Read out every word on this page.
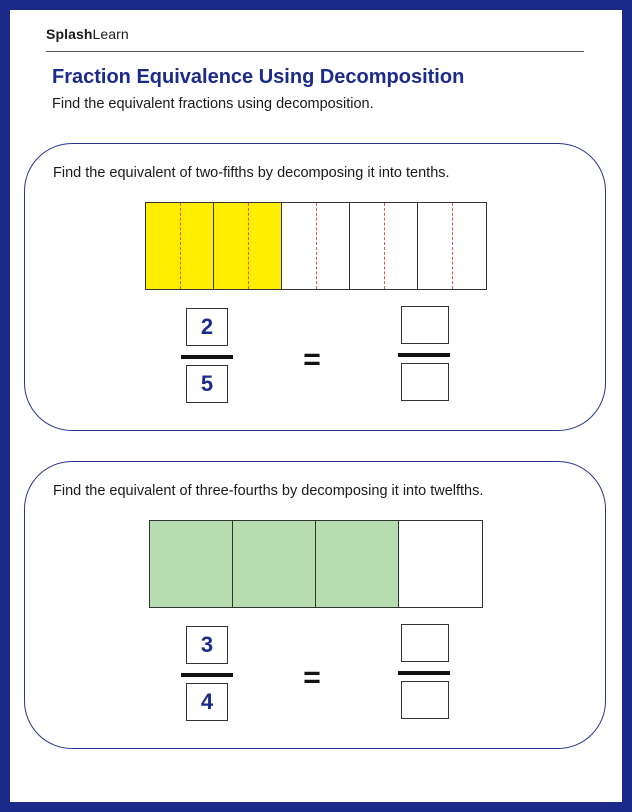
SplashLearn
Fraction Equivalence Using Decomposition
Find the equivalent fractions using decomposition.
Find the equivalent of two-fifths by decomposing it into tenths.
$\frac{2}{5}$
=
Find the equivalent of three-fourths by decomposing it into twelfths.
$\frac{3}{4}$
=
